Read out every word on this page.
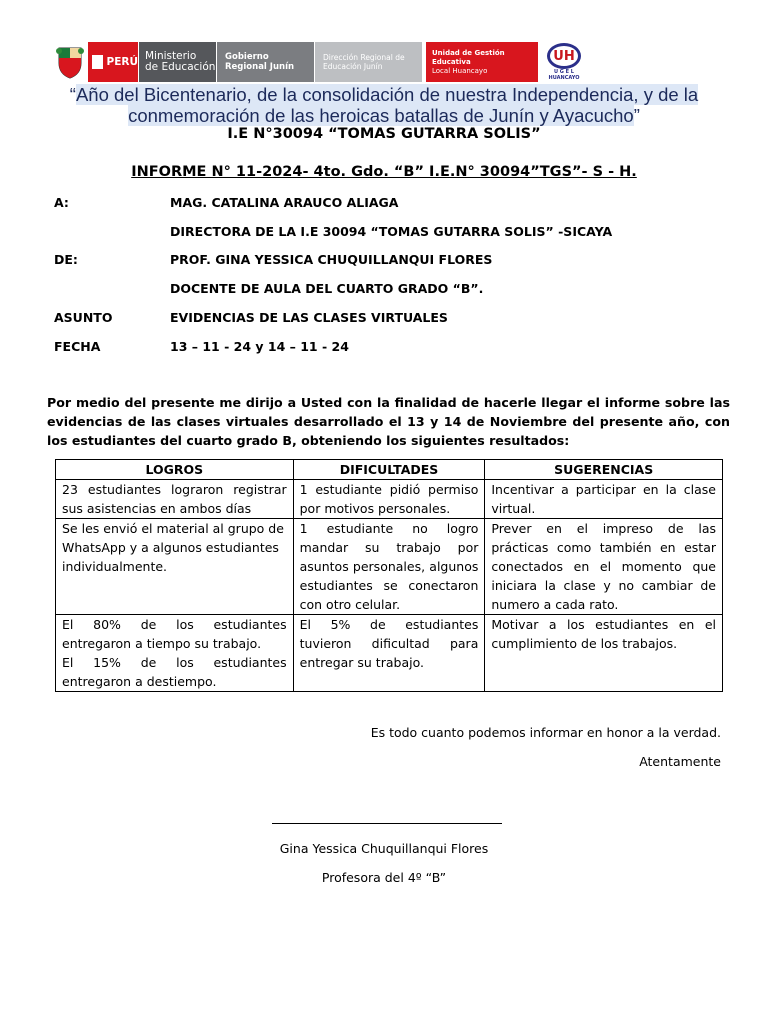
PERÚ Ministerio
de Educación
Gobierno
Regional Junín
Dirección Regional de
Educación Junín
Unidad de Gestión Educativa
Local Huancayo
UH
U G E L
HUANCAYO
“Año del Bicentenario, de la consolidación de nuestra Independencia, y de la
conmemoración de las heroicas batallas de Junín y Ayacucho”
I.E N°30094 “TOMAS GUTARRA SOLIS”
INFORME N° 11-2024- 4to. Gdo. “B” I.E.N° 30094”TGS”- S - H.
A:	MAG. CATALINA ARAUCO ALIAGA
DIRECTORA DE LA I.E 30094 “TOMAS GUTARRA SOLIS” -SICAYA
DE:	PROF. GINA YESSICA CHUQUILLANQUI FLORES
DOCENTE DE AULA DEL CUARTO GRADO “B”.
ASUNTO	EVIDENCIAS DE LAS CLASES VIRTUALES
FECHA	13 – 11 - 24 y 14 – 11 - 24
Por medio del presente me dirijo a Usted con la finalidad de hacerle llegar el informe sobre las evidencias de las clases virtuales desarrollado el 13 y 14 de Noviembre del presente año, con los estudiantes del cuarto grado B, obteniendo los siguientes resultados:
LOGROS	DIFICULTADES	SUGERENCIAS

23 estudiantes lograron registrar sus asistencias en ambos días	1 estudiante pidió permiso por motivos personales.	Incentivar a participar en la clase virtual.

Se les envió el material al grupo de WhatsApp y a algunos estudiantes individualmente.	1 estudiante no logro mandar su trabajo por asuntos personales, algunos estudiantes se conectaron con otro celular.	Prever en el impreso de las prácticas como también en estar conectados en el momento que iniciara la clase y no cambiar de numero a cada rato.

El 80% de los estudiantes entregaron a tiempo su trabajo.
El 15% de los estudiantes entregaron a destiempo.	El 5% de estudiantes tuvieron dificultad para entregar su trabajo.	Motivar a los estudiantes en el cumplimiento de los trabajos.
Es todo cuanto podemos informar en honor a la verdad.
Atentamente
Gina Yessica Chuquillanqui Flores
Profesora del 4º “B”
